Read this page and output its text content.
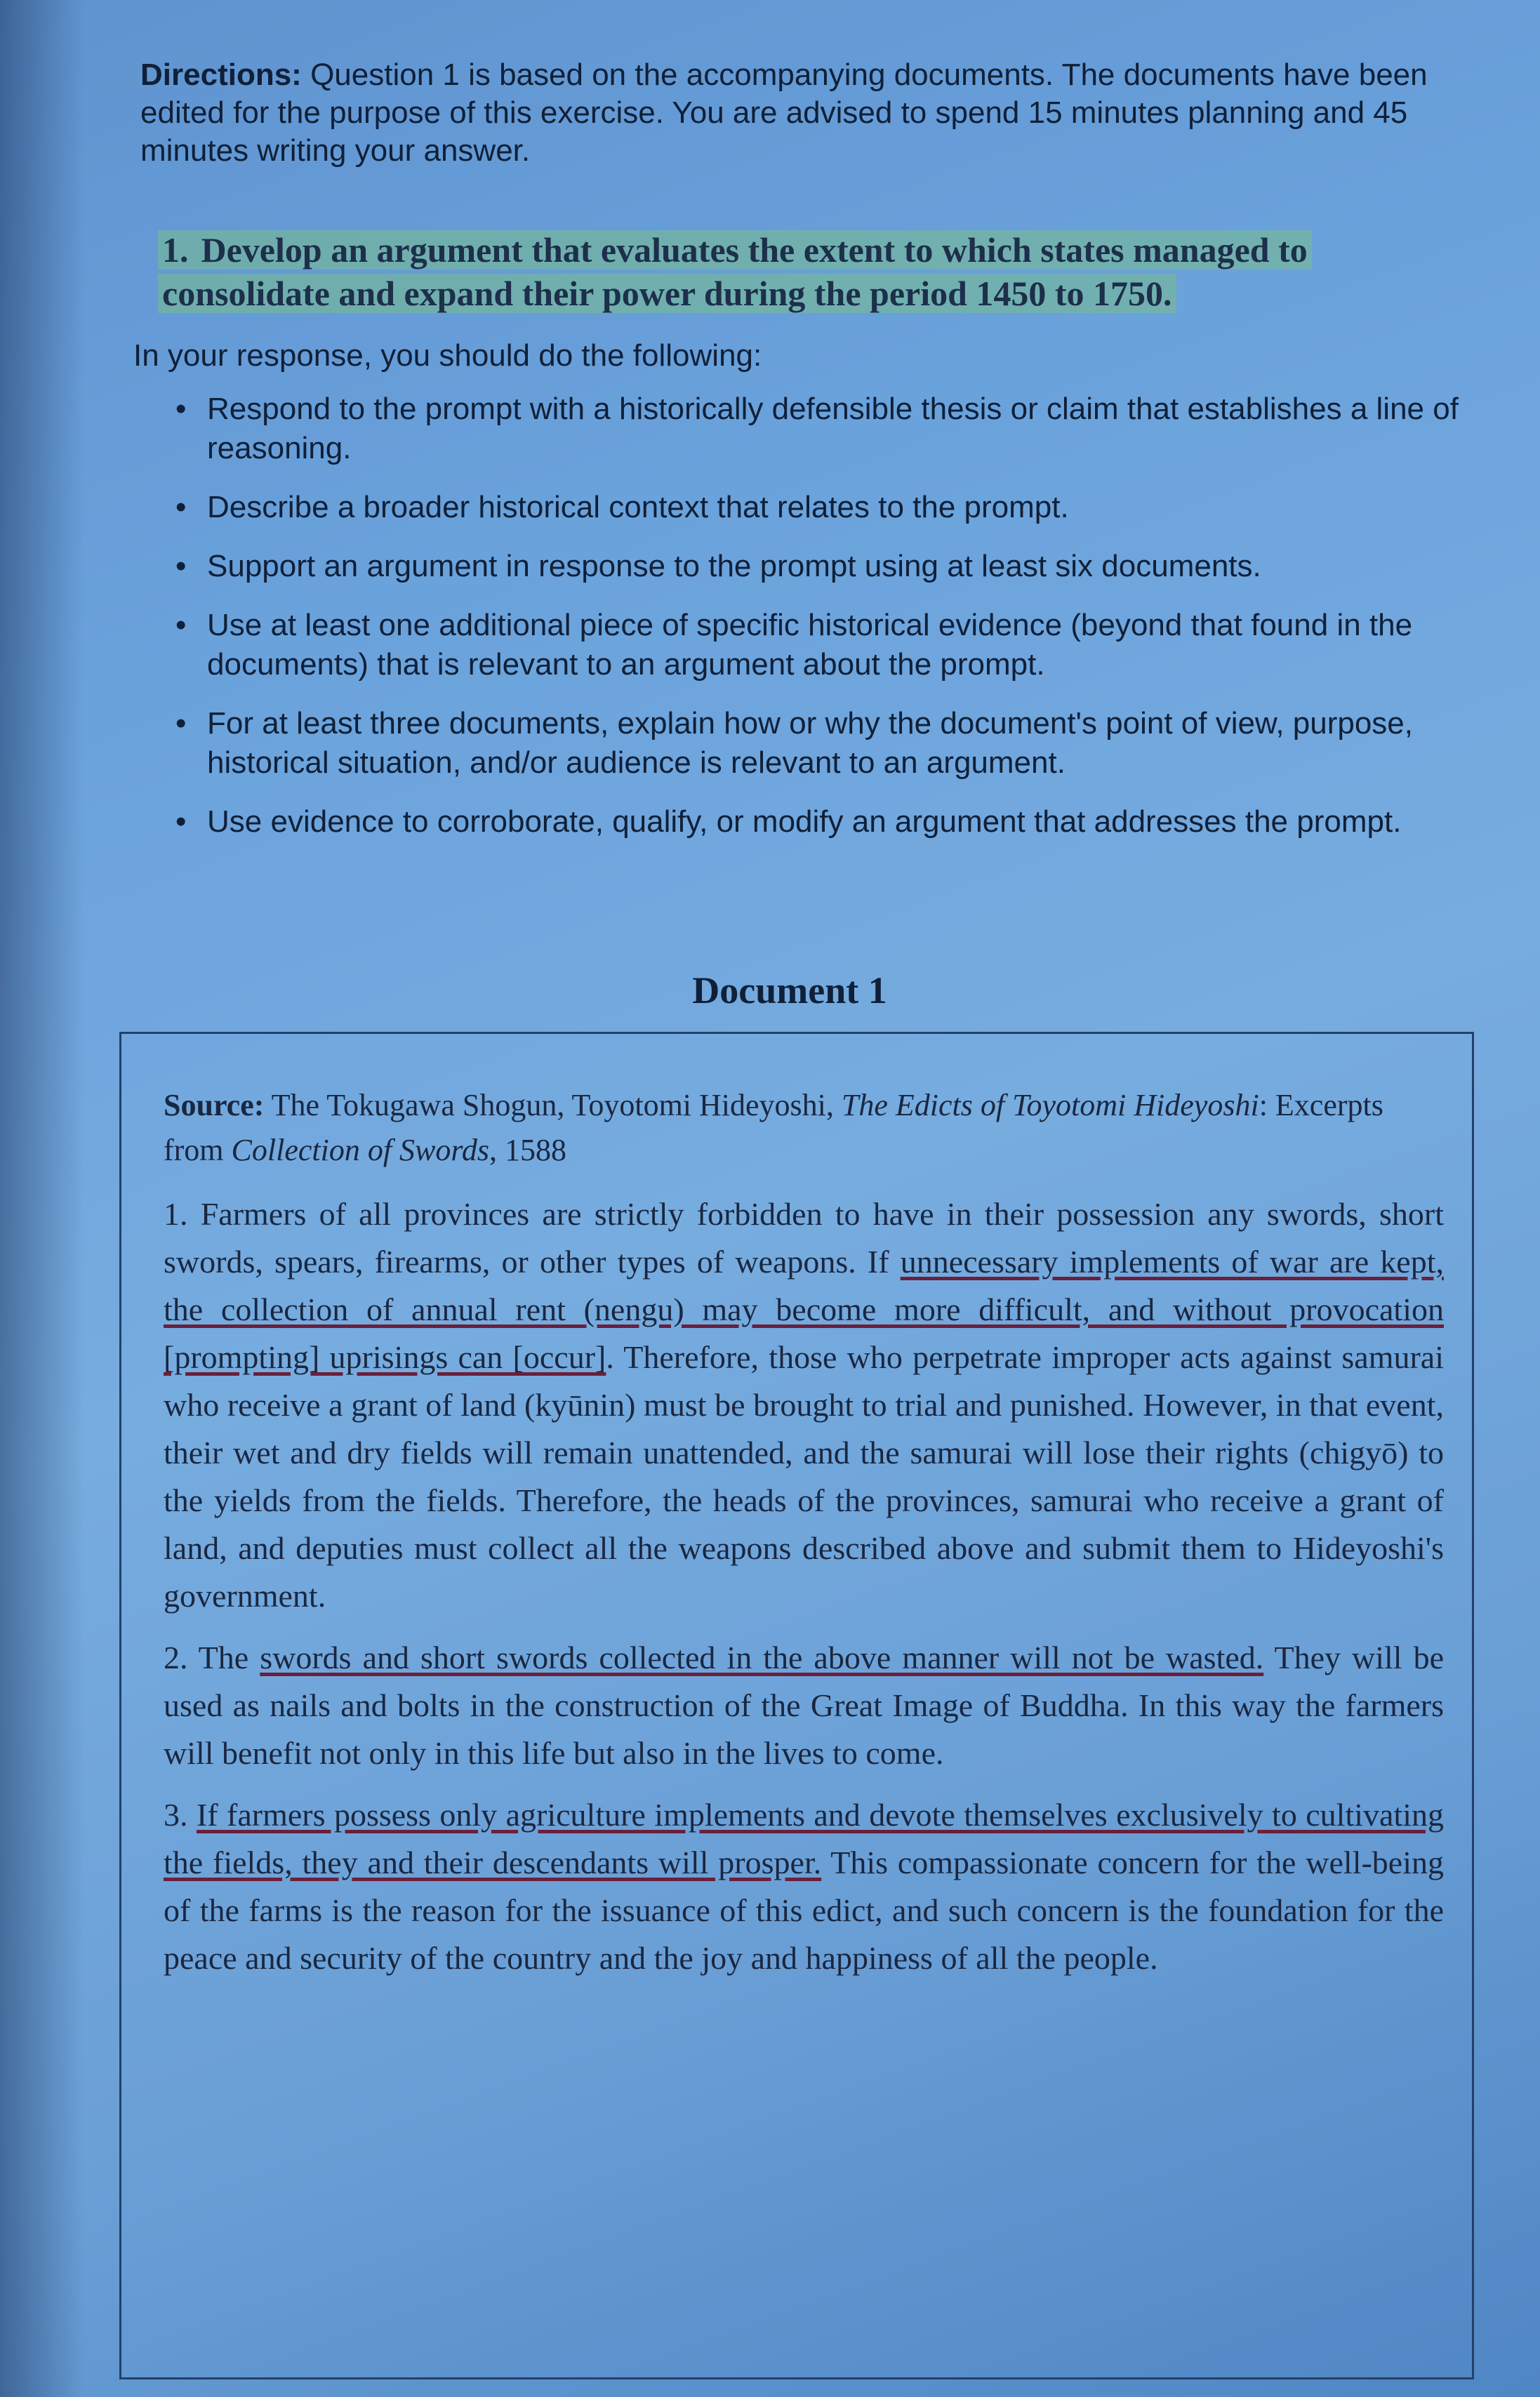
Directions: Question 1 is based on the accompanying documents. The documents have been edited for the purpose of this exercise. You are advised to spend 15 minutes planning and 45 minutes writing your answer.

1. Develop an argument that evaluates the extent to which states managed to consolidate and expand their power during the period 1450 to 1750.

In your response, you should do the following:

• Respond to the prompt with a historically defensible thesis or claim that establishes a line of reasoning.
• Describe a broader historical context that relates to the prompt.
• Support an argument in response to the prompt using at least six documents.
• Use at least one additional piece of specific historical evidence (beyond that found in the documents) that is relevant to an argument about the prompt.
• For at least three documents, explain how or why the document's point of view, purpose, historical situation, and/or audience is relevant to an argument.
• Use evidence to corroborate, qualify, or modify an argument that addresses the prompt.
Document 1

Source: The Tokugawa Shogun, Toyotomi Hideyoshi, The Edicts of Toyotomi Hideyoshi: Excerpts from Collection of Swords, 1588

1. Farmers of all provinces are strictly forbidden to have in their possession any swords, short swords, spears, firearms, or other types of weapons. If unnecessary implements of war are kept, the collection of annual rent (nengu) may become more difficult, and without provocation [prompting] uprisings can [occur]. Therefore, those who perpetrate improper acts against samurai who receive a grant of land (kyūnin) must be brought to trial and punished. However, in that event, their wet and dry fields will remain unattended, and the samurai will lose their rights (chigyō) to the yields from the fields. Therefore, the heads of the provinces, samurai who receive a grant of land, and deputies must collect all the weapons described above and submit them to Hideyoshi's government.

2. The swords and short swords collected in the above manner will not be wasted. They will be used as nails and bolts in the construction of the Great Image of Buddha. In this way the farmers will benefit not only in this life but also in the lives to come.

3. If farmers possess only agriculture implements and devote themselves exclusively to cultivating the fields, they and their descendants will prosper. This compassionate concern for the well-being of the farms is the reason for the issuance of this edict, and such concern is the foundation for the peace and security of the country and the joy and happiness of all the people.
